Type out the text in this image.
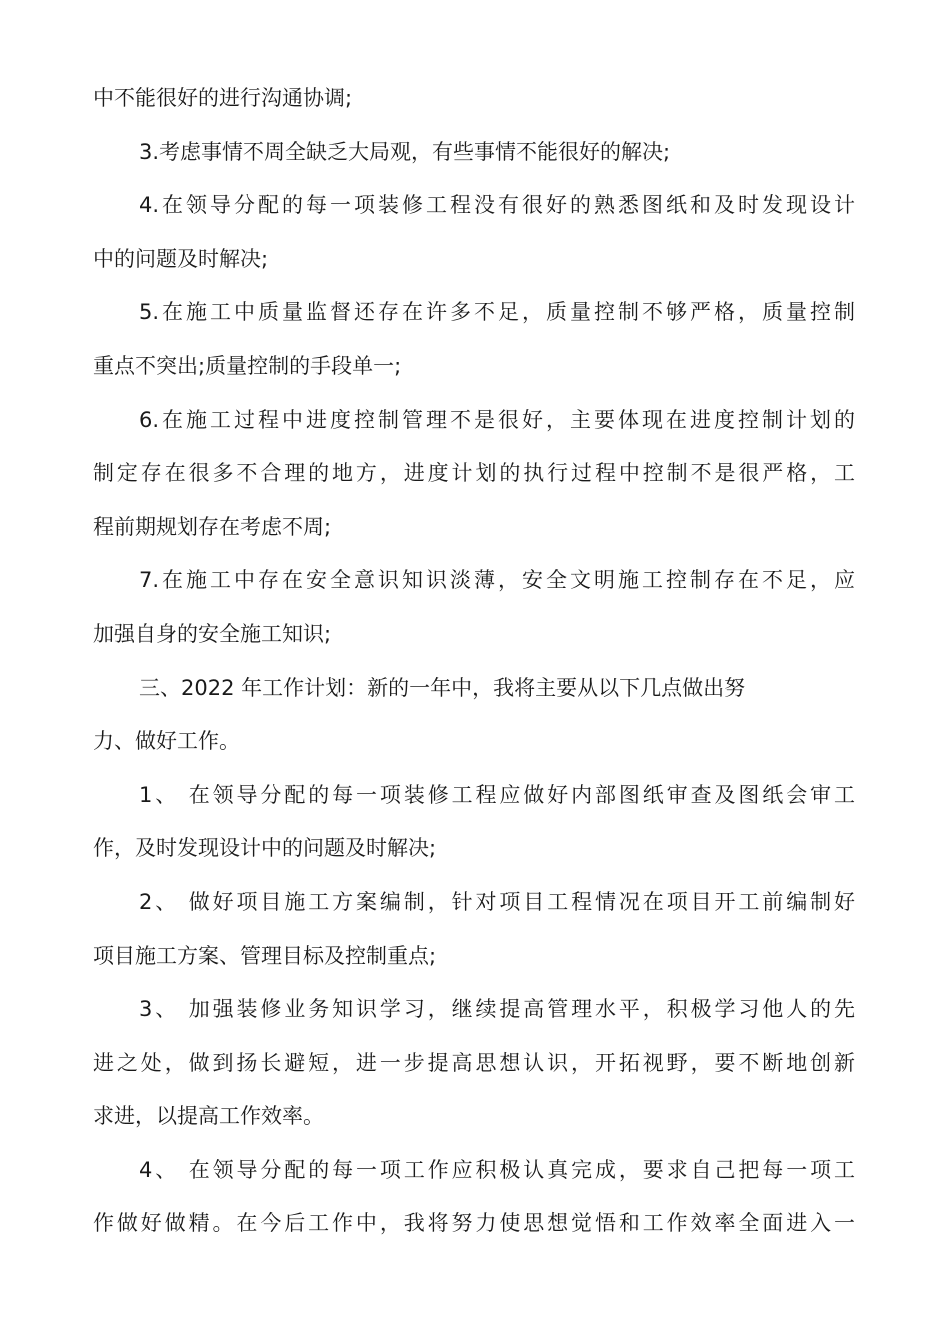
中不能很好的进行沟通协调;
3.考虑事情不周全缺乏大局观，有些事情不能很好的解决;
4.在领导分配的每一项装修工程没有很好的熟悉图纸和及时发现设计
中的问题及时解决;
5.在施工中质量监督还存在许多不足，质量控制不够严格，质量控制
重点不突出;质量控制的手段单一;
6.在施工过程中进度控制管理不是很好，主要体现在进度控制计划的
制定存在很多不合理的地方，进度计划的执行过程中控制不是很严格，工
程前期规划存在考虑不周;
7.在施工中存在安全意识知识淡薄，安全文明施工控制存在不足，应
加强自身的安全施工知识;
三、2022 年工作计划：新的一年中，我将主要从以下几点做出努
力、做好工作。
1、 在领导分配的每一项装修工程应做好内部图纸审查及图纸会审工
作，及时发现设计中的问题及时解决;
2、 做好项目施工方案编制，针对项目工程情况在项目开工前编制好
项目施工方案、管理目标及控制重点;
3、 加强装修业务知识学习，继续提高管理水平，积极学习他人的先
进之处，做到扬长避短，进一步提高思想认识，开拓视野，要不断地创新
求进，以提高工作效率。
4、 在领导分配的每一项工作应积极认真完成，要求自己把每一项工
作做好做精。在今后工作中，我将努力使思想觉悟和工作效率全面进入一
